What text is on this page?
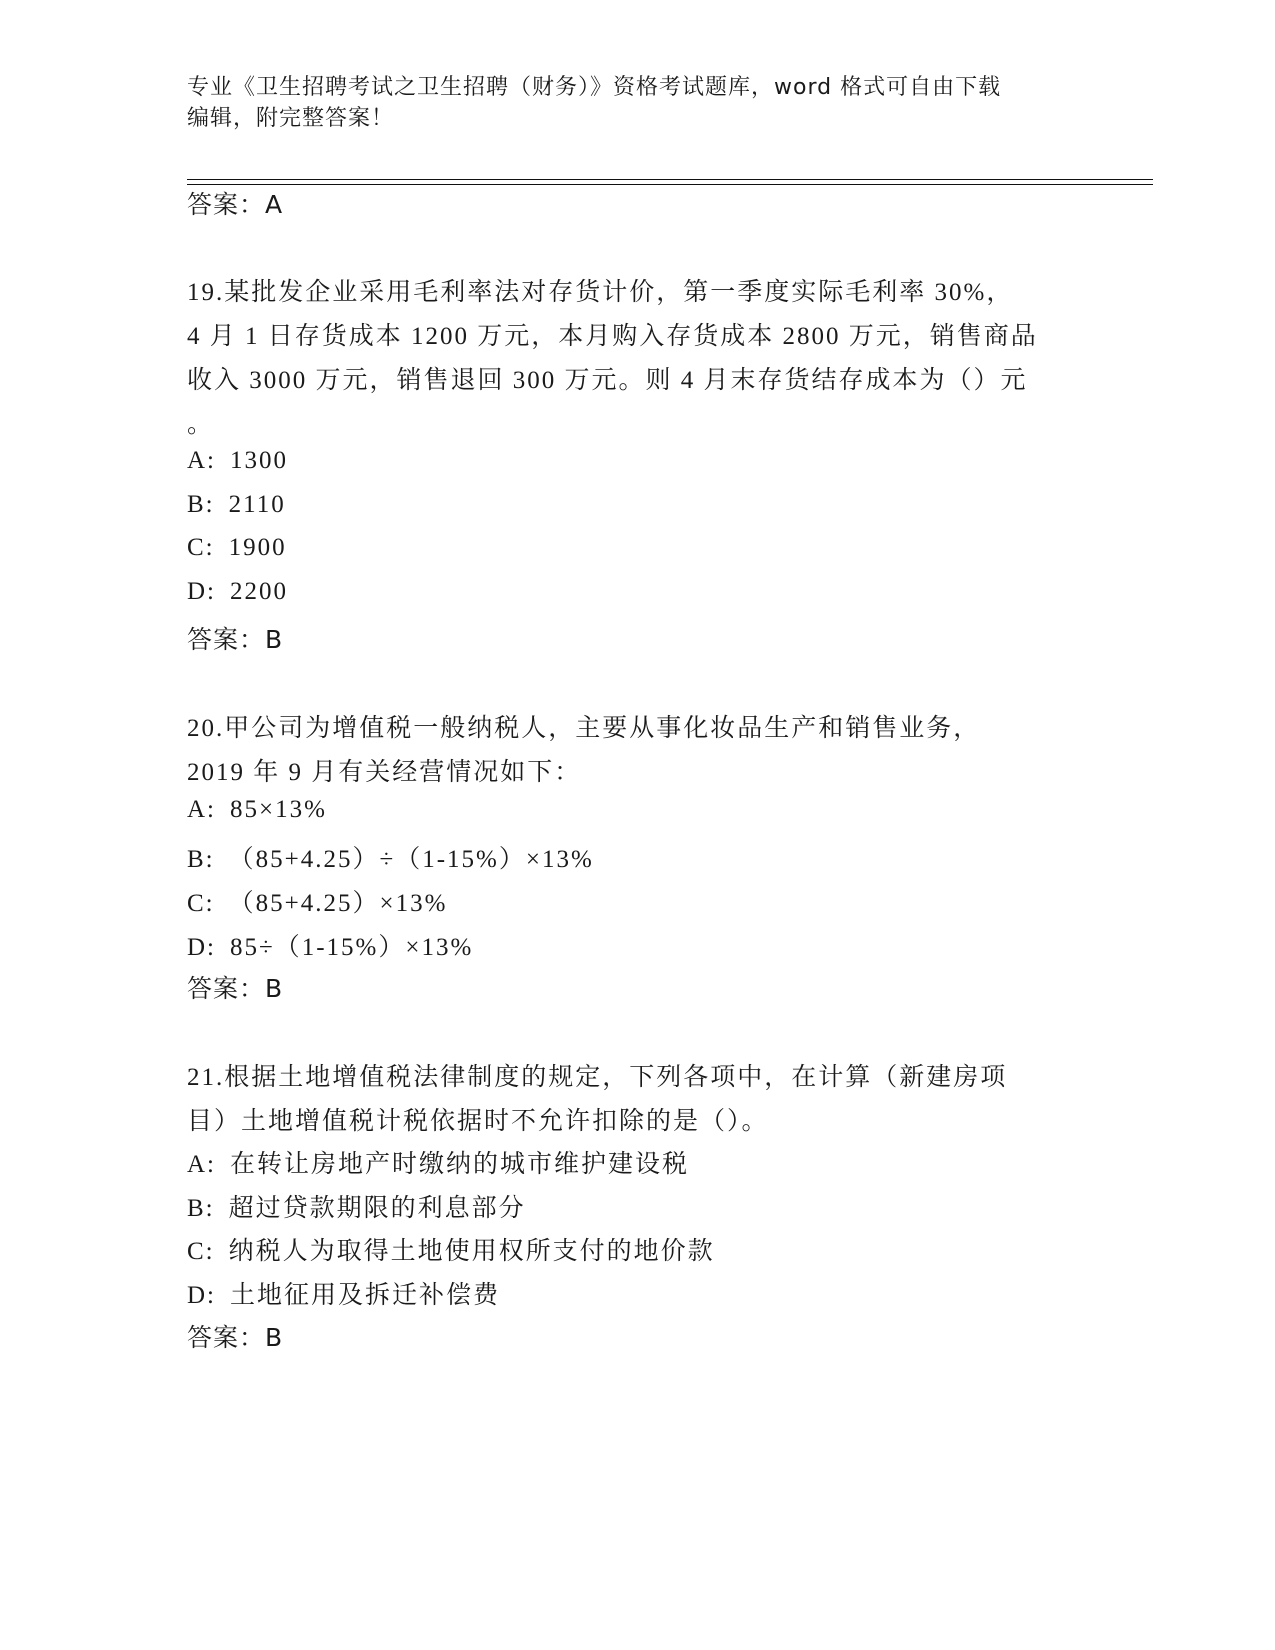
专业《卫生招聘考试之卫生招聘（财务）》资格考试题库，word 格式可自由下载
编辑，附完整答案！
答案：A
19.某批发企业采用毛利率法对存货计价，第一季度实际毛利率 30%，
4 月 1 日存货成本 1200 万元，本月购入存货成本 2800 万元，销售商品
收入 3000 万元，销售退回 300 万元。则 4 月末存货结存成本为（）元
。
A: 1300
B: 2110
C: 1900
D: 2200
答案：B
20.甲公司为增值税一般纳税人，主要从事化妆品生产和销售业务，
2019 年 9 月有关经营情况如下：
A: 85×13%
B: （85+4.25）÷（1-15%）×13%
C: （85+4.25）×13%
D: 85÷（1-15%）×13%
答案：B
21.根据土地增值税法律制度的规定，下列各项中，在计算（新建房项
目）土地增值税计税依据时不允许扣除的是（）。
A: 在转让房地产时缴纳的城市维护建设税
B: 超过贷款期限的利息部分
C: 纳税人为取得土地使用权所支付的地价款
D: 土地征用及拆迁补偿费
答案：B
